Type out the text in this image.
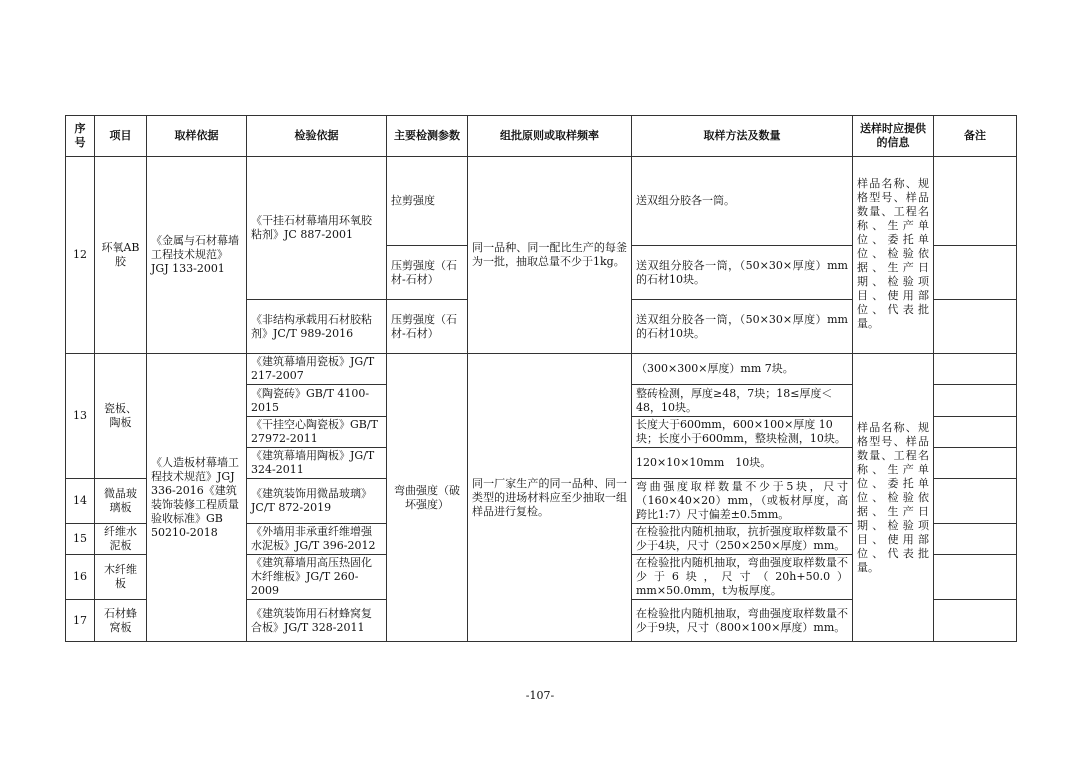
序号	项目	取样依据	检验依据	主要检测参数	组批原则或取样频率	取样方法及数量	送样时应提供的信息	备注
12	环氧AB胶	《金属与石材幕墙工程技术规范》JGJ 133-2001	《干挂石材幕墙用环氧胶粘剂》JC 887-2001	拉剪强度	同一品种、同一配比生产的每釜为一批，抽取总量不少于1kg。	送双组分胶各一筒。	样品名称、规格型号、样品数量、工程名称、生产单位、委托单位、检验依据、生产日期、检验项目、使用部位、代表批量。	
				压剪强度（石材-石材）		送双组分胶各一筒，（50×30×厚度）mm的石材10块。		
			《非结构承载用石材胶粘剂》JC/T 989-2016	压剪强度（石材-石材）		送双组分胶各一筒，（50×30×厚度）mm的石材10块。		
13	瓷板、陶板	《人造板材幕墙工程技术规范》JGJ 336-2016《建筑装饰装修工程质量验收标准》GB 50210-2018	《建筑幕墙用瓷板》JG/T 217-2007	弯曲强度（破坏强度）	同一厂家生产的同一品种、同一类型的进场材料应至少抽取一组样品进行复检。	（300×300×厚度）mm 7块。	样品名称、规格型号、样品数量、工程名称、生产单位、委托单位、检验依据、生产日期、检验项目、使用部位、代表批量。	
			《陶瓷砖》GB/T 4100-2015			整砖检测，厚度≥48，7块；18≤厚度＜48，10块。		
			《干挂空心陶瓷板》GB/T 27972-2011			长度大于600mm，600×100×厚度 10块；长度小于600mm，整块检测，10块。		
			《建筑幕墙用陶板》JG/T 324-2011			120×10×10mm　10块。		
14	微晶玻璃板		《建筑装饰用微晶玻璃》JC/T 872-2019			弯曲强度取样数量不少于5块，尺寸（160×40×20）mm，（或板材厚度，高跨比1:7）尺寸偏差±0.5mm。		
15	纤维水泥板		《外墙用非承重纤维增强水泥板》JG/T 396-2012			在检验批内随机抽取，抗折强度取样数量不少于4块，尺寸（250×250×厚度）mm。		
16	木纤维板		《建筑幕墙用高压热固化木纤维板》JG/T 260-2009			在检验批内随机抽取，弯曲强度取样数量不少于6块，尺寸（20h+50.0）mm×50.0mm，t为板厚度。		
17	石材蜂窝板		《建筑装饰用石材蜂窝复合板》JG/T 328-2011			在检验批内随机抽取，弯曲强度取样数量不少于9块，尺寸（800×100×厚度）mm。		
-107-
